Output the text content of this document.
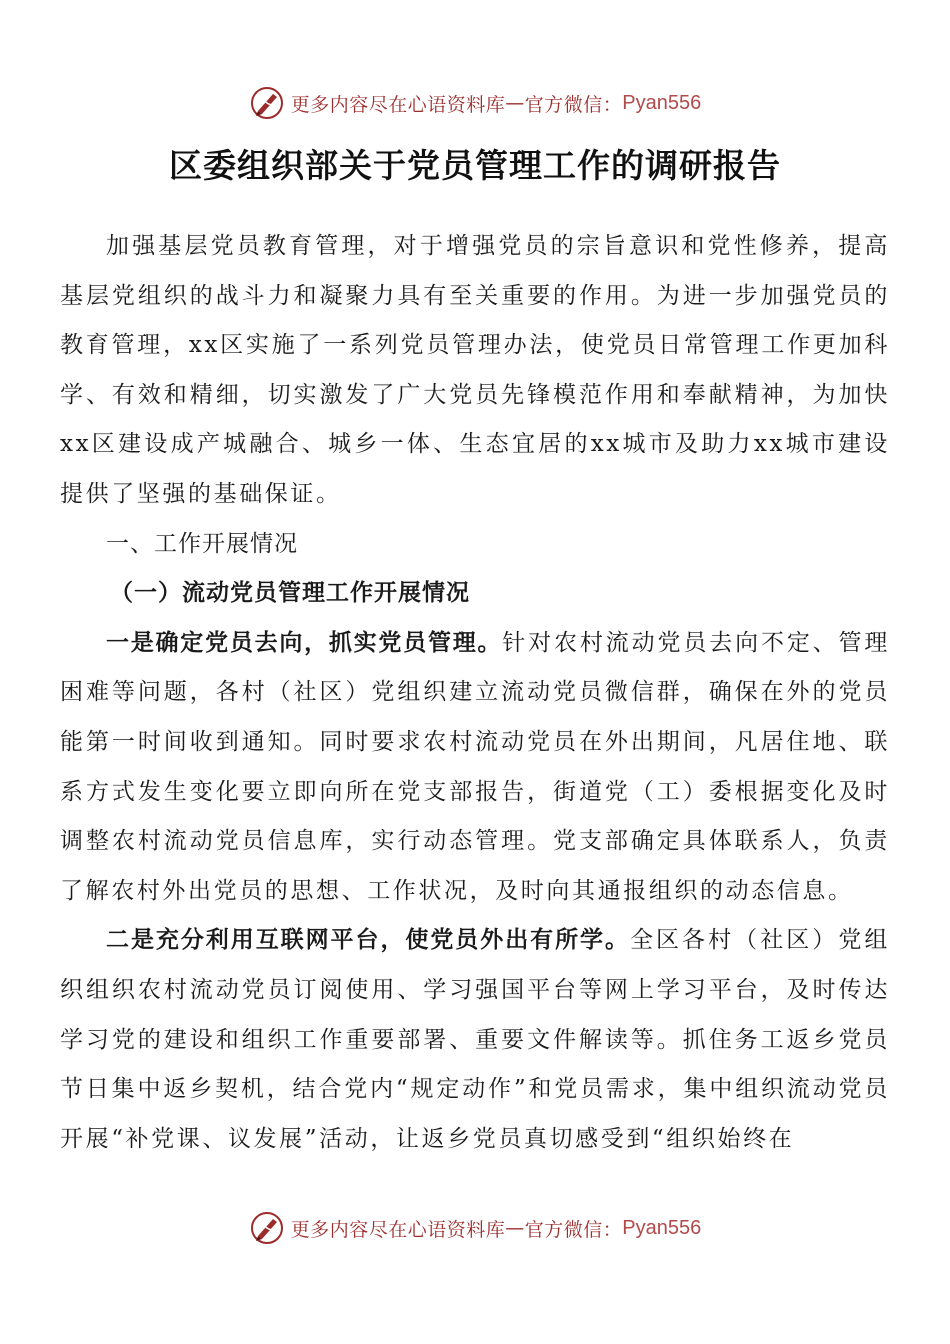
更多内容尽在心语资料库 — 官方微信： Pyan556
区委组织部关于党员管理工作的调研报告

加强基层党员教育管理，对于增强党员的宗旨意识和党性修养，提高基层党组织的战斗力和凝聚力具有至关重要的作用。为进一步加强党员的教育管理，xx区实施了一系列党员管理办法，使党员日常管理工作更加科学、有效和精细，切实激发了广大党员先锋模范作用和奉献精神，为加快xx区建设成产城融合、城乡一体、生态宜居的xx城市及助力xx城市建设提供了坚强的基础保证。

一、工作开展情况

（一）流动党员管理工作开展情况

一是确定党员去向，抓实党员管理。针对农村流动党员去向不定、管理困难等问题，各村（社区）党组织建立流动党员微信群，确保在外的党员能第一时间收到通知。同时要求农村流动党员在外出期间，凡居住地、联系方式发生变化要立即向所在党支部报告，街道党（工）委根据变化及时调整农村流动党员信息库，实行动态管理。党支部确定具体联系人，负责了解农村外出党员的思想、工作状况，及时向其通报组织的动态信息。

二是充分利用互联网平台，使党员外出有所学。全区各村（社区）党组织组织农村流动党员订阅使用、学习强国平台等网上学习平台，及时传达学习党的建设和组织工作重要部署、重要文件解读等。抓住务工返乡党员节日集中返乡契机，结合党内“规定动作”和党员需求，集中组织流动党员开展“补党课、议发展”活动，让返乡党员真切感受到“组织始终在

更多内容尽在心语资料库 — 官方微信： Pyan556
